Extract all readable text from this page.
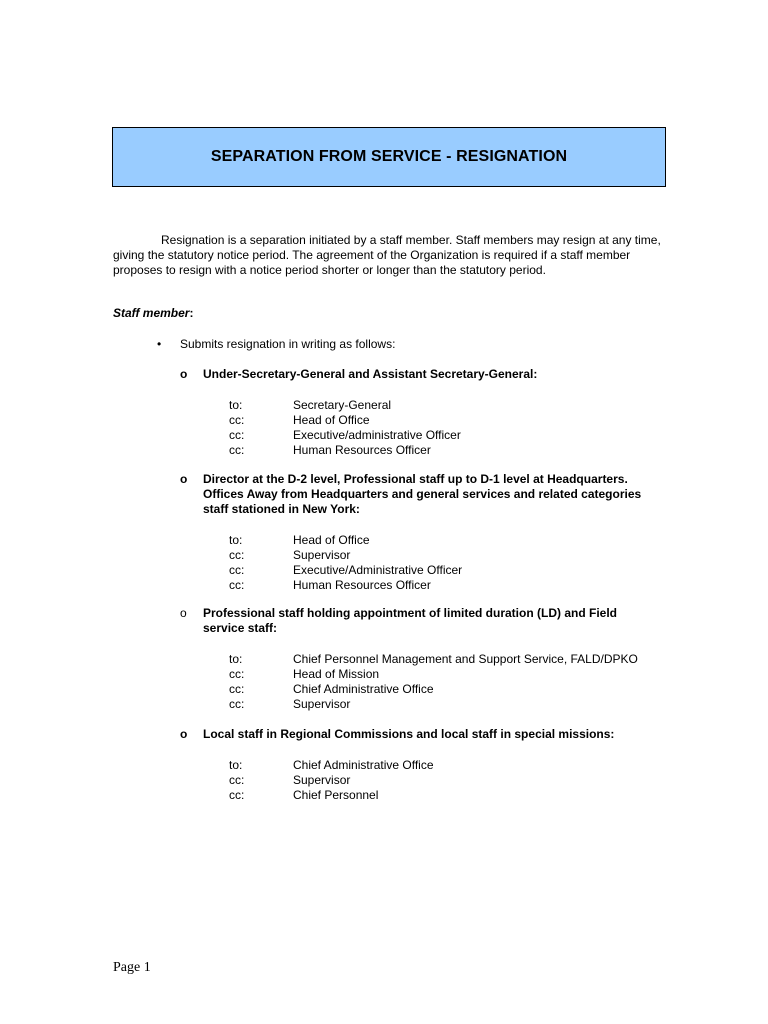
SEPARATION FROM SERVICE - RESIGNATION
Resignation is a separation initiated by a staff member. Staff members may resign at any time, giving the statutory notice period. The agreement of the Organization is required if a staff member proposes to resign with a notice period shorter or longer than the statutory period.
Staff member:
• Submits resignation in writing as follows:
o	Under-Secretary-General and Assistant Secretary-General:
to:	Secretary-General
cc:	Head of Office
cc:	Executive/administrative Officer
cc:	Human Resources Officer
o	Director at the D-2 level, Professional staff up to D-1 level at Headquarters. Offices Away from Headquarters and general services and related categories staff stationed in New York:
to:	Head of Office
cc:	Supervisor
cc:	Executive/Administrative Officer
cc:	Human Resources Officer
o	Professional staff holding appointment of limited duration (LD) and Field service staff:
to:	Chief Personnel Management and Support Service, FALD/DPKO
cc:	Head of Mission
cc:	Chief Administrative Office
cc:	Supervisor
o	Local staff in Regional Commissions and local staff in special missions:
to:	Chief Administrative Office
cc:	Supervisor
cc:	Chief Personnel
Page 1
